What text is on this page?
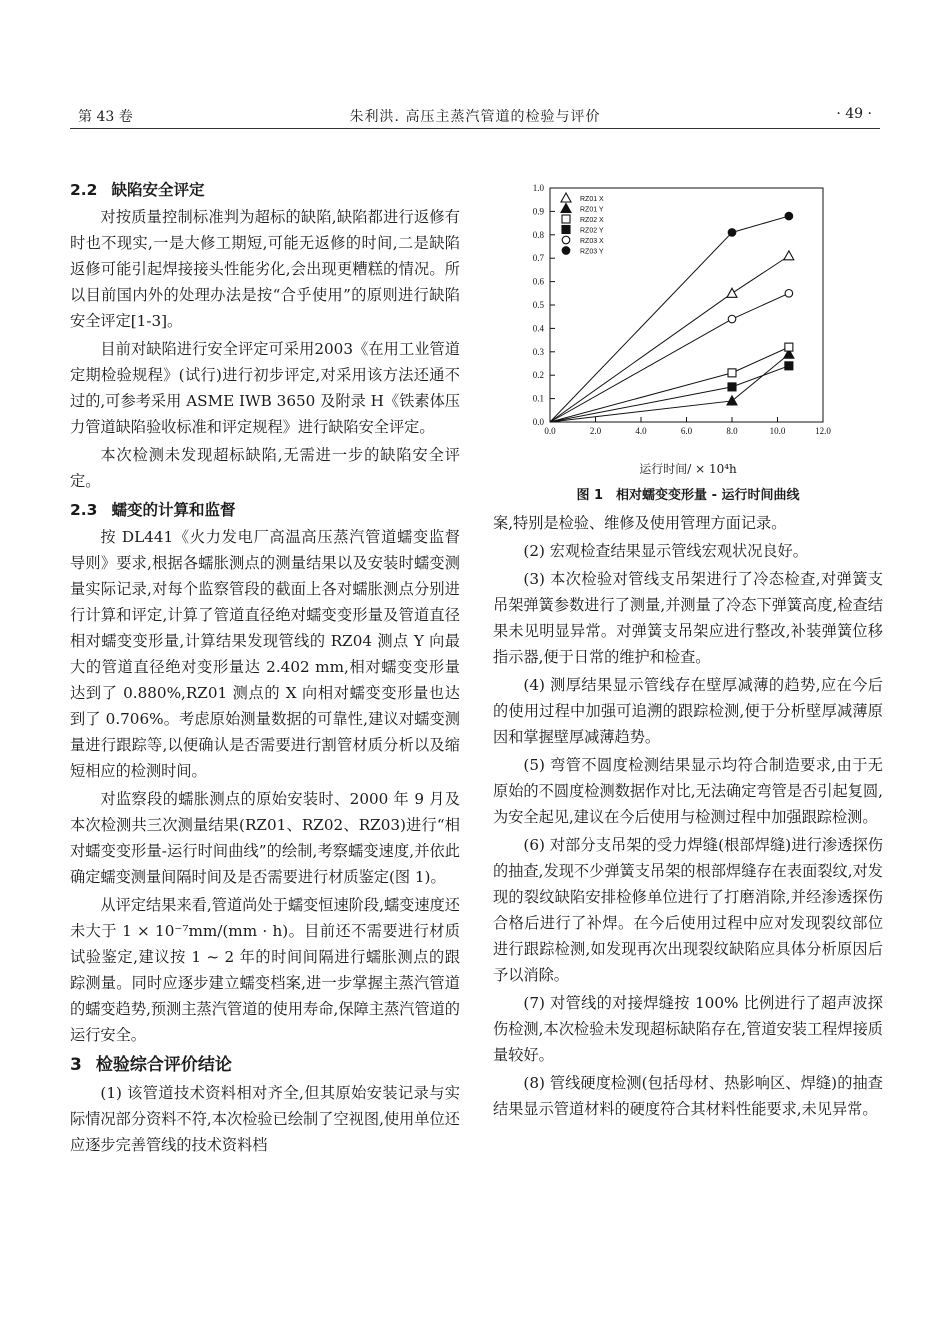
第 43 卷	朱利洪. 高压主蒸汽管道的检验与评价	· 49 ·
2.2 缺陷安全评定

对按质量控制标准判为超标的缺陷,缺陷都进行返修有时也不现实,一是大修工期短,可能无返修的时间,二是缺陷返修可能引起焊接接头性能劣化,会出现更糟糕的情况。所以目前国内外的处理办法是按“合乎使用”的原则进行缺陷安全评定[1-3]。

目前对缺陷进行安全评定可采用2003《在用工业管道定期检验规程》(试行)进行初步评定,对采用该方法还通不过的,可参考采用 ASME IWB 3650 及附录 H《铁素体压力管道缺陷验收标准和评定规程》进行缺陷安全评定。

本次检测未发现超标缺陷,无需进一步的缺陷安全评定。

2.3 蠕变的计算和监督

按 DL441《火力发电厂高温高压蒸汽管道蠕变监督导则》要求,根据各蠕胀测点的测量结果以及安装时蠕变测量实际记录,对每个监察管段的截面上各对蠕胀测点分别进行计算和评定,计算了管道直径绝对蠕变变形量及管道直径相对蠕变变形量,计算结果发现管线的 RZ04 测点 Y 向最大的管道直径绝对变形量达 2.402 mm,相对蠕变变形量达到了 0.880%,RZ01 测点的 X 向相对蠕变变形量也达到了 0.706%。考虑原始测量数据的可靠性,建议对蠕变测量进行跟踪等,以便确认是否需要进行割管材质分析以及缩短相应的检测时间。

对监察段的蠕胀测点的原始安装时、2000 年 9 月及本次检测共三次测量结果(RZ01、RZ02、RZ03)进行“相对蠕变变形量-运行时间曲线”的绘制,考察蠕变速度,并依此确定蠕变测量间隔时间及是否需要进行材质鉴定(图 1)。

从评定结果来看,管道尚处于蠕变恒速阶段,蠕变速度还未大于 1 × 10⁻⁷mm/(mm · h)。目前还不需要进行材质试验鉴定,建议按 1 ~ 2 年的时间间隔进行蠕胀测点的跟踪测量。同时应逐步建立蠕变档案,进一步掌握主蒸汽管道的蠕变趋势,预测主蒸汽管道的使用寿命,保障主蒸汽管道的运行安全。

3 检验综合评价结论

(1) 该管道技术资料相对齐全,但其原始安装记录与实际情况部分资料不符,本次检验已绘制了空视图,使用单位还应逐步完善管线的技术资料档

0.0
0.1
0.2
0.3
0.4
0.5
0.6
0.7
0.8
0.9
1.0
0.0	2.0	4.0	6.0	8.0	10.0	12.0
RZ01 X
RZ01 Y
RZ02 X
RZ02 Y
RZ03 X
RZ03 Y
运行时间/ × 10⁴h
图 1　相对蠕变变形量 - 运行时间曲线

案,特别是检验、维修及使用管理方面记录。

(2) 宏观检查结果显示管线宏观状况良好。

(3) 本次检验对管线支吊架进行了冷态检查,对弹簧支吊架弹簧参数进行了测量,并测量了冷态下弹簧高度,检查结果未见明显异常。对弹簧支吊架应进行整改,补装弹簧位移指示器,便于日常的维护和检查。

(4) 测厚结果显示管线存在壁厚减薄的趋势,应在今后的使用过程中加强可追溯的跟踪检测,便于分析壁厚减薄原因和掌握壁厚减薄趋势。

(5) 弯管不圆度检测结果显示均符合制造要求,由于无原始的不圆度检测数据作对比,无法确定弯管是否引起复圆,为安全起见,建议在今后使用与检测过程中加强跟踪检测。

(6) 对部分支吊架的受力焊缝(根部焊缝)进行渗透探伤的抽查,发现不少弹簧支吊架的根部焊缝存在表面裂纹,对发现的裂纹缺陷安排检修单位进行了打磨消除,并经渗透探伤合格后进行了补焊。在今后使用过程中应对发现裂纹部位进行跟踪检测,如发现再次出现裂纹缺陷应具体分析原因后予以消除。

(7) 对管线的对接焊缝按 100% 比例进行了超声波探伤检测,本次检验未发现超标缺陷存在,管道安装工程焊接质量较好。

(8) 管线硬度检测(包括母材、热影响区、焊缝)的抽查结果显示管道材料的硬度符合其材料性能要求,未见异常。
